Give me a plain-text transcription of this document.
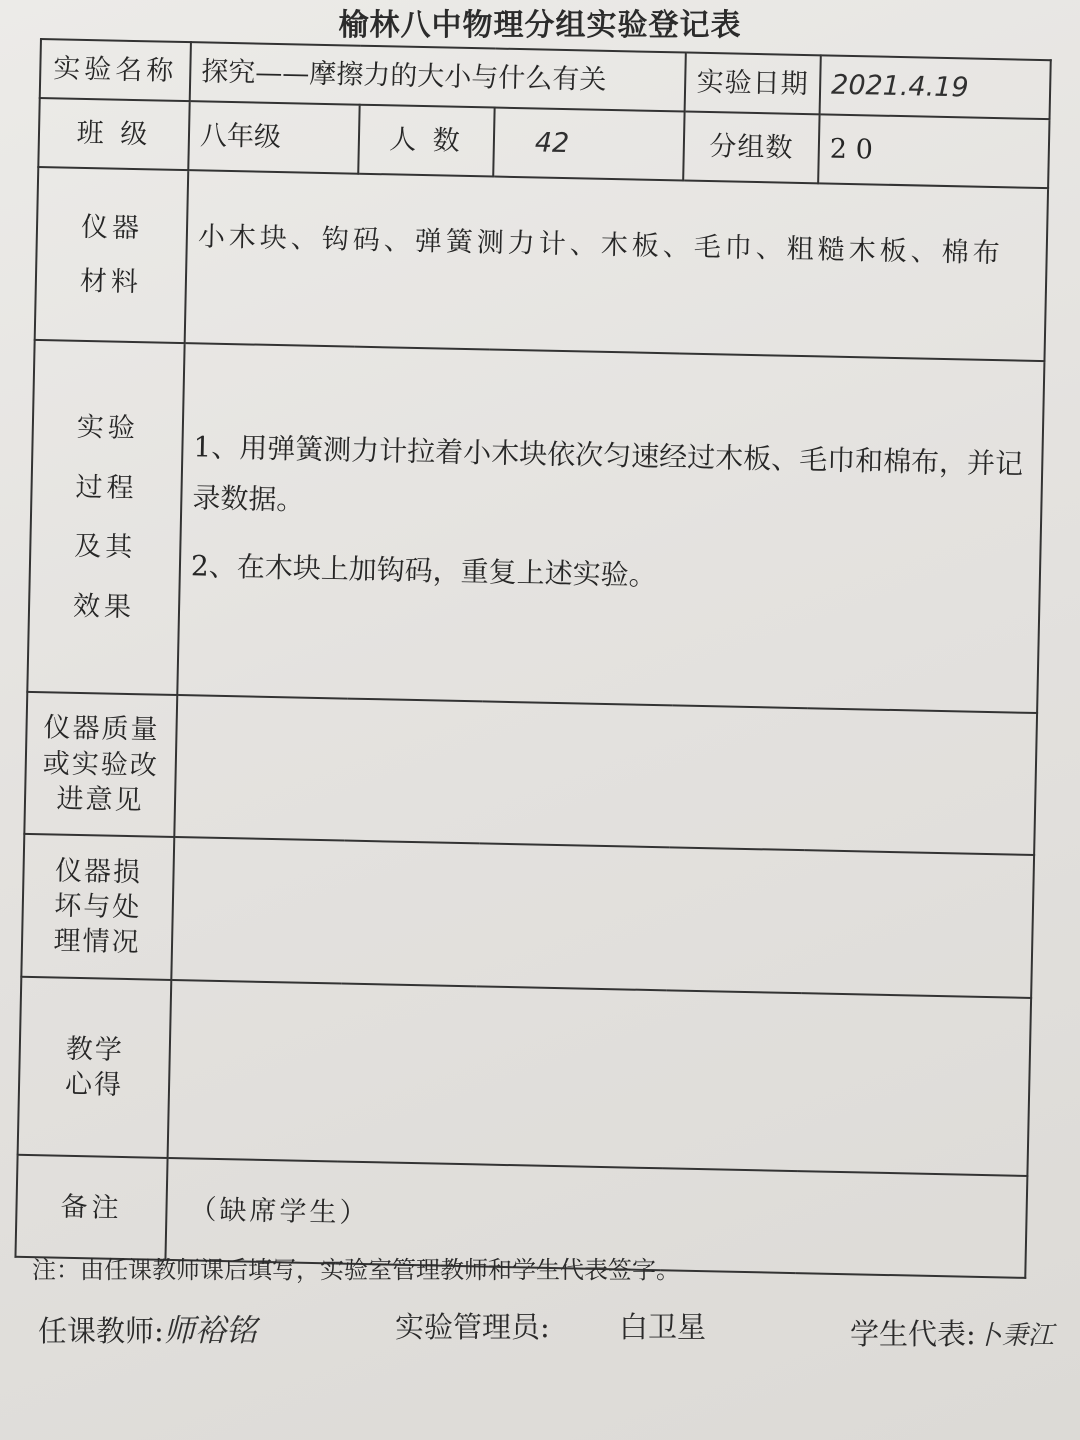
榆林八中物理分组实验登记表
实验名称	探究——摩擦力的大小与什么有关			实验日期	2021.4.19
班 级	八年级	人 数	42	分组数	2 0
仪器材料	小木块、钩码、弹簧测力计、木板、毛巾、粗糙木板、棉布				
实验过程及其效果	1、用弹簧测力计拉着小木块依次匀速经过木板、毛巾和棉布，并记录数据。

2、在木块上加钩码，重复上述实验。				

仪器质量或实验改进意见					
仪器损坏与处理情况					
教学心得					
备注	（缺席学生）				
注：由任课教师课后填写，实验室管理教师和学生代表签字。
任课教师:师裕铭	实验管理员: 白卫星	学生代表:卜秉江
